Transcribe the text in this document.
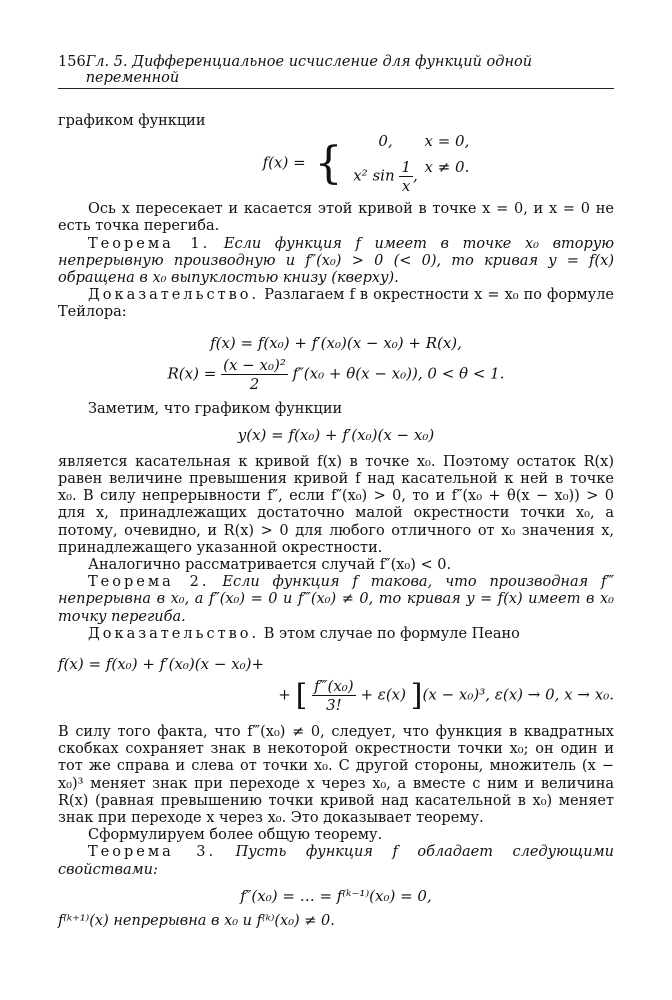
156 Гл. 5. Дифференциальное исчисление для функций одной переменной

графиком функции

f(x) = {	0,	x = 0,
x² $\sin \frac{1}{x}$ , x ≠ 0.

Ось x пересекает и касается этой кривой в точке x = 0, и x = 0 не есть точка перегиба.

Теорема 1. Если функция f имеет в точке x₀ вторую непрерывную производную и f″(x₀) > 0 (< 0), то кривая y = f(x) обращена в x₀ выпуклостью книзу (кверху).

Доказательство. Разлагаем f в окрестности x = x₀ по формуле Тейлора:

f(x) = f(x₀) + f′(x₀)(x − x₀) + R(x),
$R(x) = \frac{\text{(x − x₀)²}}{2} f''(x_0 + \theta(x - x_0))$, 0 < θ < 1.

Заметим, что графиком функции

y(x) = f(x₀) + f′(x₀)(x − x₀)

является касательная к кривой f(x) в точке x₀. Поэтому остаток R(x) равен величине превышения кривой f над касательной к ней в точке x₀. В силу непрерывности f″, если f″(x₀) > 0, то и f″(x₀ + θ(x − x₀)) > 0 для x, принадлежащих достаточно малой окрестности точки x₀, а потому, очевидно, и R(x) > 0 для любого отличного от x₀ значения x, принадлежащего указанной окрестности.

Аналогично рассматривается случай f″(x₀) < 0.

Теорема 2. Если функция f такова, что производная f‴ непрерывна в x₀, а f″(x₀) = 0 и f‴(x₀) ≠ 0, то кривая y = f(x) имеет в x₀ точку перегиба.

Доказательство. В этом случае по формуле Пеано

f(x) = f(x₀) + f′(x₀)(x − x₀)+
+ [ $\frac{\text{f‴(x₀)}}{3!} + \varepsilon(x) ](x - x_0)^3$, ε(x) → 0, x → x₀.

В силу того факта, что f‴(x₀) ≠ 0, следует, что функция в квадратных скобках сохраняет знак в некоторой окрестности точки x₀; он один и тот же справа и слева от точки x₀. С другой стороны, множитель (x − x₀)³ меняет знак при переходе x через x₀, а вместе с ним и величина R(x) (равная превышению точки кривой над касательной в x₀) меняет знак при переходе x через x₀. Это доказывает теорему.

Сформулируем более общую теорему.

Теорема 3. Пусть функция f обладает следующими свойствами:

f″(x₀) = … = f⁽ᵏ⁻¹⁾(x₀) = 0,

f⁽ᵏ⁺¹⁾(x) непрерывна в x₀ и f⁽ᵏ⁾(x₀) ≠ 0.
